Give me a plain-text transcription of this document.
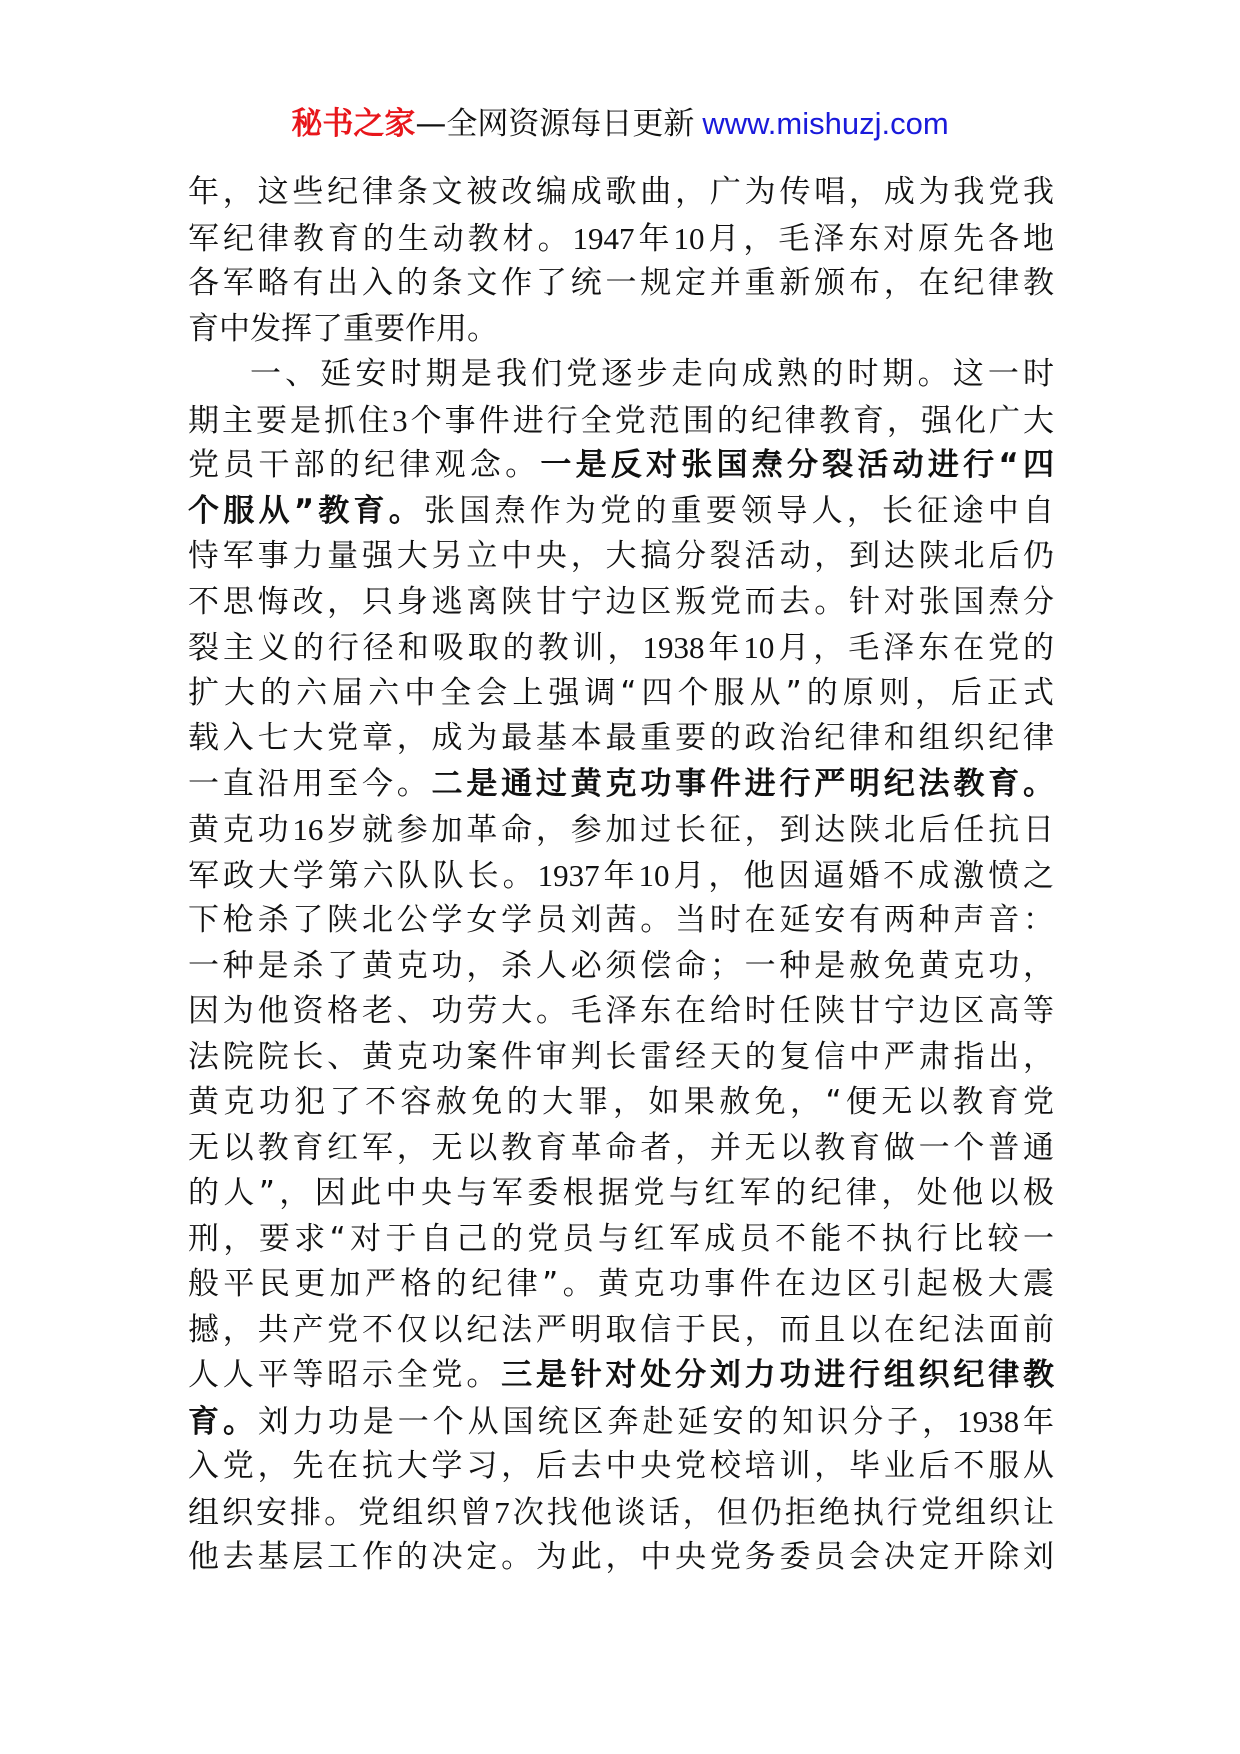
秘书之家—全网资源每日更新 www.mishuzj.com
年，这些纪律条文被改编成歌曲，广为传唱，成为我党我
军纪律教育的生动教材。1947年10月，毛泽东对原先各地
各军略有出入的条文作了统一规定并重新颁布，在纪律教
育中发挥了重要作用。
一、延安时期是我们党逐步走向成熟的时期。这一时
期主要是抓住3个事件进行全党范围的纪律教育，强化广大
党员干部的纪律观念。一是反对张国焘分裂活动进行“四
个服从”教育。张国焘作为党的重要领导人，长征途中自
恃军事力量强大另立中央，大搞分裂活动，到达陕北后仍
不思悔改，只身逃离陕甘宁边区叛党而去。针对张国焘分
裂主义的行径和吸取的教训，1938年10月，毛泽东在党的
扩大的六届六中全会上强调“四个服从”的原则，后正式
载入七大党章，成为最基本最重要的政治纪律和组织纪律
一直沿用至今。二是通过黄克功事件进行严明纪法教育。
黄克功16岁就参加革命，参加过长征，到达陕北后任抗日
军政大学第六队队长。1937年10月，他因逼婚不成激愤之
下枪杀了陕北公学女学员刘茜。当时在延安有两种声音：
一种是杀了黄克功，杀人必须偿命；一种是赦免黄克功，
因为他资格老、功劳大。毛泽东在给时任陕甘宁边区高等
法院院长、黄克功案件审判长雷经天的复信中严肃指出，
黄克功犯了不容赦免的大罪，如果赦免，“便无以教育党
无以教育红军，无以教育革命者，并无以教育做一个普通
的人”，因此中央与军委根据党与红军的纪律，处他以极
刑，要求“对于自己的党员与红军成员不能不执行比较一
般平民更加严格的纪律”。黄克功事件在边区引起极大震
撼，共产党不仅以纪法严明取信于民，而且以在纪法面前
人人平等昭示全党。三是针对处分刘力功进行组织纪律教
育。刘力功是一个从国统区奔赴延安的知识分子，1938年
入党，先在抗大学习，后去中央党校培训，毕业后不服从
组织安排。党组织曾7次找他谈话，但仍拒绝执行党组织让
他去基层工作的决定。为此，中央党务委员会决定开除刘
